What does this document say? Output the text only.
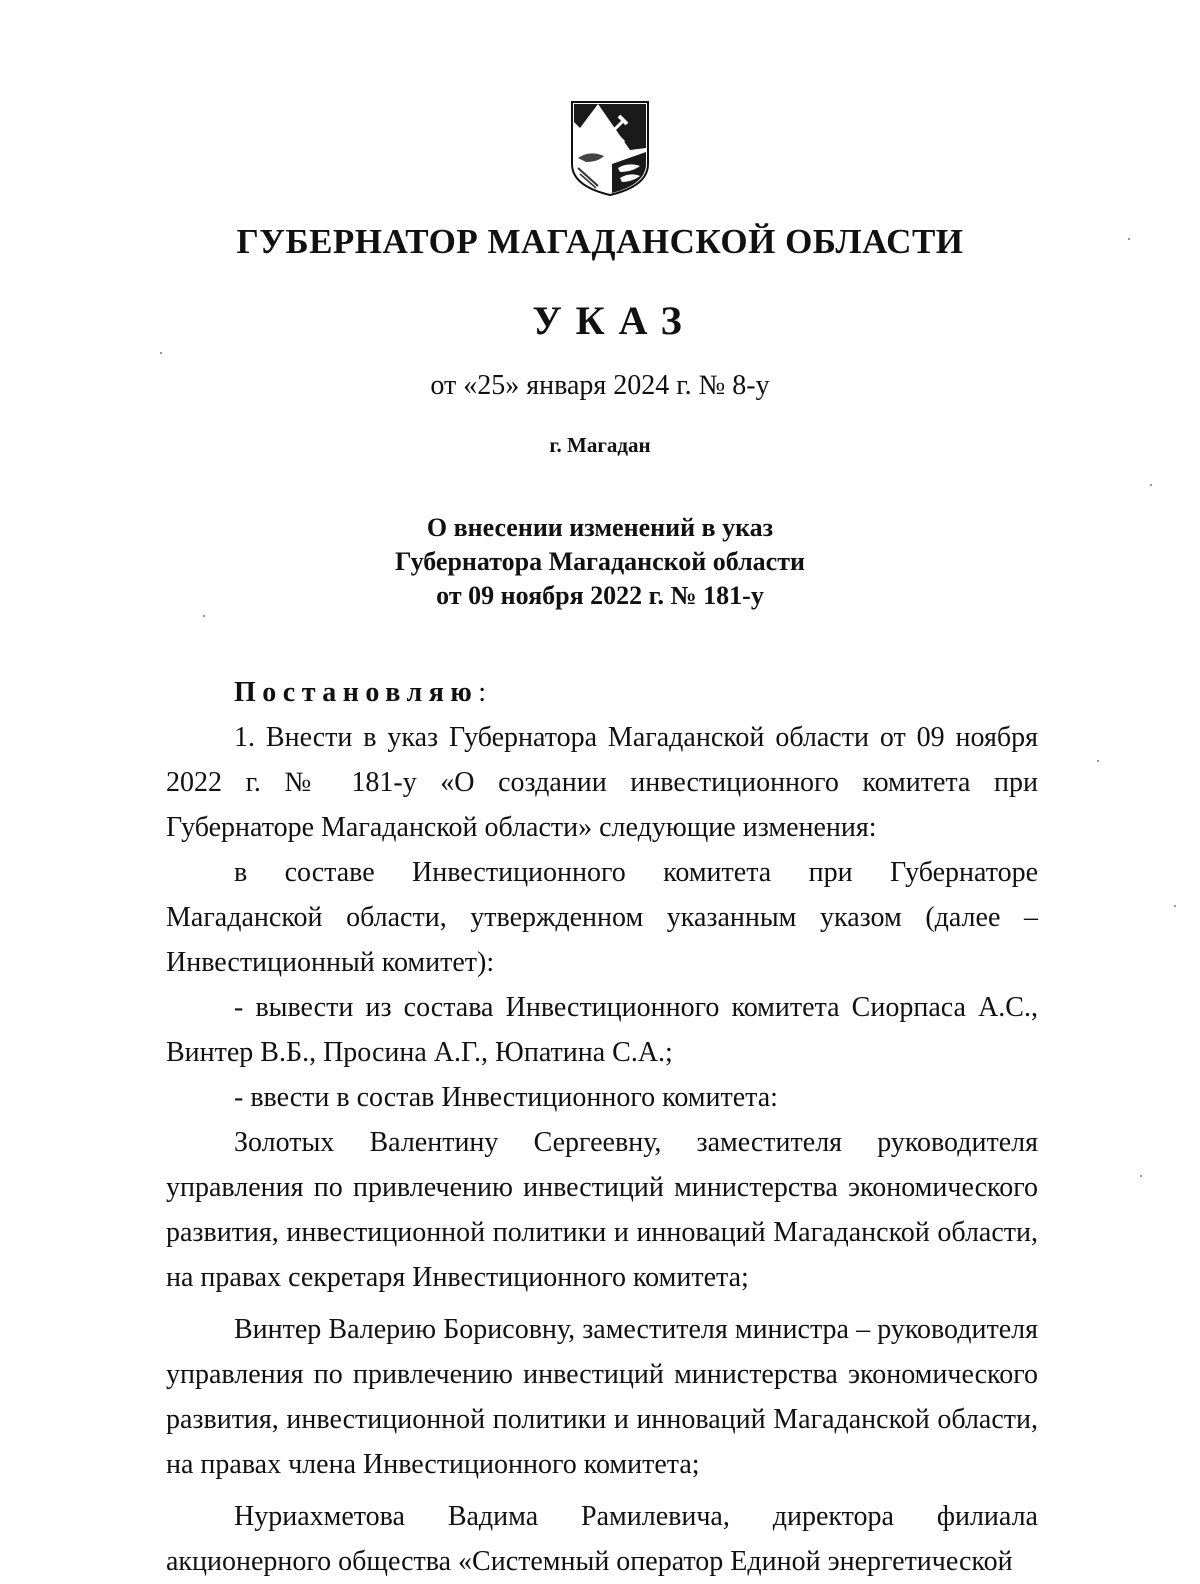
ГУБЕРНАТОР МАГАДАНСКОЙ ОБЛАСТИ
УКАЗ
от «25» января 2024 г. № 8-у
г. Магадан
О внесении изменений в указ
Губернатора Магаданской области
от 09 ноября 2022 г. № 181-у

Постановляю:

1. Внести в указ Губернатора Магаданской области от 09 ноября 2022 г. № 181-у «О создании инвестиционного комитета при Губернаторе Магаданской области» следующие изменения:

в составе Инвестиционного комитета при Губернаторе Магаданской области, утвержденном указанным указом (далее – Инвестиционный комитет):

- вывести из состава Инвестиционного комитета Сиорпаса А.С., Винтер В.Б., Просина А.Г., Юпатина С.А.;

- ввести в состав Инвестиционного комитета:

Золотых Валентину Сергеевну, заместителя руководителя управления по привлечению инвестиций министерства экономического развития, инвестиционной политики и инноваций Магаданской области, на правах секретаря Инвестиционного комитета;

Винтер Валерию Борисовну, заместителя министра – руководителя управления по привлечению инвестиций министерства экономического развития, инвестиционной политики и инноваций Магаданской области, на правах члена Инвестиционного комитета;

Нуриахметова Вадима Рамилевича, директора филиала акционерного общества «Системный оператор Единой энергетической
